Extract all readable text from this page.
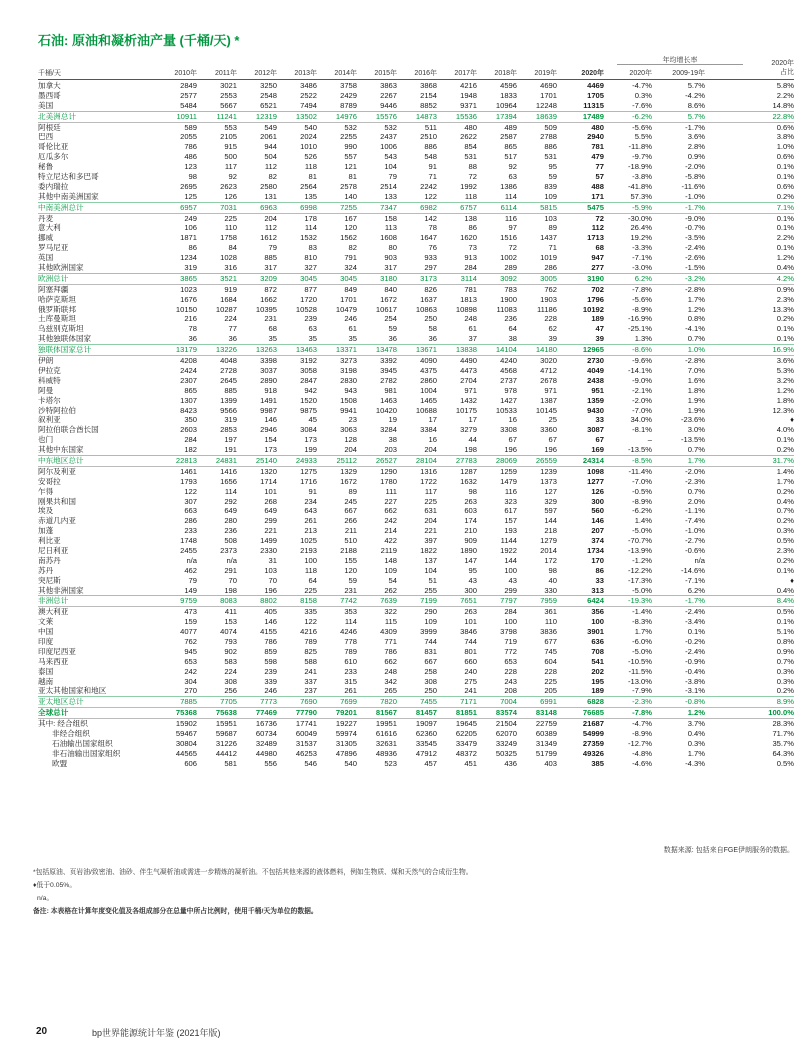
石油: 原油和凝析油产量 (千桶/天) *
年均增长率	2020年
占比
千桶/天	2010年	2011年	2012年	2013年	2014年	2015年	2016年	2017年	2018年	2019年	2020年	2020年	2009-19年
加拿大	2849	3021	3250	3486	3758	3863	3868	4216	4596	4690	4469	-4.7%	5.7%	5.8%
墨西哥	2577	2553	2548	2522	2429	2267	2154	1948	1833	1701	1705	0.3%	-4.2%	2.2%
美国	5484	5667	6521	7494	8789	9446	8852	9371	10964	12248	11315	-7.6%	8.6%	14.8%
北美洲总计	10911	11241	12319	13502	14976	15576	14873	15536	17394	18639	17489	-6.2%	5.7%	22.8%
阿根廷	589	553	549	540	532	532	511	480	489	509	480	-5.6%	-1.7%	0.6%
巴西	2055	2105	2061	2024	2255	2437	2510	2622	2587	2788	2940	5.5%	3.6%	3.8%
哥伦比亚	786	915	944	1010	990	1006	886	854	865	886	781	-11.8%	2.8%	1.0%
厄瓜多尔	486	500	504	526	557	543	548	531	517	531	479	-9.7%	0.9%	0.6%
秘鲁	123	117	112	118	121	104	91	88	92	95	77	-18.9%	-2.0%	0.1%
特立尼达和多巴哥	98	92	82	81	81	79	71	72	63	59	57	-3.8%	-5.8%	0.1%
委内瑞拉	2695	2623	2580	2564	2578	2514	2242	1992	1386	839	488	-41.8%	-11.6%	0.6%
其他中南美洲国家	125	126	131	135	140	133	122	118	114	109	171	57.3%	-1.0%	0.2%
中南美洲总计	6957	7031	6963	6998	7255	7347	6982	6757	6114	5815	5475	-5.9%	-1.7%	7.1%
丹麦	249	225	204	178	167	158	142	138	116	103	72	-30.0%	-9.0%	0.1%
意大利	106	110	112	114	120	113	78	86	97	89	112	26.4%	-0.7%	0.1%
挪威	1871	1758	1612	1532	1562	1608	1647	1620	1516	1437	1713	19.2%	-3.5%	2.2%
罗马尼亚	86	84	79	83	82	80	76	73	72	71	68	-3.3%	-2.4%	0.1%
英国	1234	1028	885	810	791	903	933	913	1002	1019	947	-7.1%	-2.6%	1.2%
其他欧洲国家	319	316	317	327	324	317	297	284	289	286	277	-3.0%	-1.5%	0.4%
欧洲总计	3865	3521	3209	3045	3045	3180	3173	3114	3092	3005	3190	6.2%	-3.2%	4.2%
阿塞拜疆	1023	919	872	877	849	840	826	781	783	762	702	-7.8%	-2.8%	0.9%
哈萨克斯坦	1676	1684	1662	1720	1701	1672	1637	1813	1900	1903	1796	-5.6%	1.7%	2.3%
俄罗斯联邦	10150	10287	10395	10528	10479	10617	10863	10898	11083	11186	10192	-8.9%	1.2%	13.3%
土库曼斯坦	216	224	231	239	246	254	250	248	236	228	189	-16.9%	0.8%	0.2%
乌兹别克斯坦	78	77	68	63	61	59	58	61	64	62	47	-25.1%	-4.1%	0.1%
其他独联体国家	36	36	35	35	35	36	36	37	38	39	39	1.3%	0.7%	0.1%
独联体国家总计	13179	13226	13263	13463	13371	13478	13671	13838	14104	14180	12965	-8.6%	1.0%	16.9%
伊朗	4208	4048	3398	3192	3273	3392	4090	4490	4240	3020	2730	-9.6%	-2.8%	3.6%
伊拉克	2424	2728	3037	3058	3198	3945	4375	4473	4568	4712	4049	-14.1%	7.0%	5.3%
科威特	2307	2645	2890	2847	2830	2782	2860	2704	2737	2678	2438	-9.0%	1.6%	3.2%
阿曼	865	885	918	942	943	981	1004	971	978	971	951	-2.1%	1.8%	1.2%
卡塔尔	1307	1399	1491	1520	1508	1463	1465	1432	1427	1387	1359	-2.0%	1.9%	1.8%
沙特阿拉伯	8423	9566	9987	9875	9941	10420	10688	10175	10533	10145	9430	-7.0%	1.9%	12.3%
叙利亚	350	319	146	45	23	19	17	17	16	25	33	34.0%	-23.6%	♦
阿拉伯联合酋长国	2603	2853	2946	3084	3063	3284	3384	3279	3308	3360	3087	-8.1%	3.0%	4.0%
也门	284	197	154	173	128	38	16	44	67	67	67	–	-13.5%	0.1%
其他中东国家	182	191	173	199	204	203	204	198	196	196	169	-13.5%	0.7%	0.2%
中东地区总计	22813	24831	25140	24933	25112	26527	28104	27783	28069	26559	24314	-8.5%	1.7%	31.7%
阿尔及利亚	1461	1416	1320	1275	1329	1290	1316	1287	1259	1239	1098	-11.4%	-2.0%	1.4%
安哥拉	1793	1656	1714	1716	1672	1780	1722	1632	1479	1373	1277	-7.0%	-2.3%	1.7%
乍得	122	114	101	91	89	111	117	98	116	127	126	-0.5%	0.7%	0.2%
刚果共和国	307	292	268	234	245	227	225	263	323	329	300	-8.9%	2.0%	0.4%
埃及	663	649	649	643	667	662	631	603	617	597	560	-6.2%	-1.1%	0.7%
赤道几内亚	286	280	299	261	266	242	204	174	157	144	146	1.4%	-7.4%	0.2%
加蓬	233	236	221	213	211	214	221	210	193	218	207	-5.0%	-1.0%	0.3%
利比亚	1748	508	1499	1025	510	422	397	909	1144	1279	374	-70.7%	-2.7%	0.5%
尼日利亚	2455	2373	2330	2193	2188	2119	1822	1890	1922	2014	1734	-13.9%	-0.6%	2.3%
南苏丹	n/a	n/a	31	100	155	148	137	147	144	172	170	-1.2%	n/a	0.2%
苏丹	462	291	103	118	120	109	104	95	100	98	86	-12.2%	-14.6%	0.1%
突尼斯	79	70	70	64	59	54	51	43	43	40	33	-17.3%	-7.1%	♦
其他非洲国家	149	198	196	225	231	262	255	300	299	330	313	-5.0%	6.2%	0.4%
非洲总计	9759	8083	8802	8158	7742	7639	7199	7651	7797	7959	6424	-19.3%	-1.7%	8.4%
澳大利亚	473	411	405	335	353	322	290	263	284	361	356	-1.4%	-2.4%	0.5%
文莱	159	153	146	122	114	115	109	101	100	110	100	-8.3%	-3.4%	0.1%
中国	4077	4074	4155	4216	4246	4309	3999	3846	3798	3836	3901	1.7%	0.1%	5.1%
印度	762	793	786	789	778	771	744	744	719	677	636	-6.0%	-0.2%	0.8%
印度尼西亚	945	902	859	825	789	786	831	801	772	745	708	-5.0%	-2.4%	0.9%
马来西亚	653	583	598	588	610	662	667	660	653	604	541	-10.5%	-0.9%	0.7%
泰国	242	224	239	241	233	248	258	240	228	228	202	-11.5%	-0.4%	0.3%
越南	304	308	339	337	315	342	308	275	243	225	195	-13.0%	-3.8%	0.3%
亚太其他国家和地区	270	256	246	237	261	265	250	241	208	205	189	-7.9%	-3.1%	0.2%
亚太地区总计	7885	7705	7773	7690	7699	7820	7455	7171	7004	6991	6828	-2.3%	-0.8%	8.9%
全球总计	75368	75638	77469	77790	79201	81567	81457	81851	83574	83148	76685	-7.8%	1.2%	100.0%
其中: 经合组织	15902	15951	16736	17741	19227	19951	19097	19645	21504	22759	21687	-4.7%	3.7%	28.3%
非经合组织	59467	59687	60734	60049	59974	61616	62360	62205	62070	60389	54999	-8.9%	0.4%	71.7%
石油输出国家组织	30804	31226	32489	31537	31305	32631	33545	33479	33249	31349	27359	-12.7%	0.3%	35.7%
非石油输出国家组织	44565	44412	44980	46253	47896	48936	47912	48372	50325	51799	49326	-4.8%	1.7%	64.3%
欧盟	606	581	556	546	540	523	457	451	436	403	385	-4.6%	-4.3%	0.5%
数据来源: 包括来自FGE伊朗服务的数据。
*包括原油、页岩油/致密油、油砂、伴生气凝析油或需进一步精炼的凝析油。不包括其他来源的液体燃料，例如生物质、煤和天然气的合成衍生物。
♦低于0.05%。
n/a。
备注: 本表格在计算年度变化值及各组成部分在总量中所占比例时，使用千桶/天为单位的数据。
20	bp世界能源统计年鉴 (2021年版)
